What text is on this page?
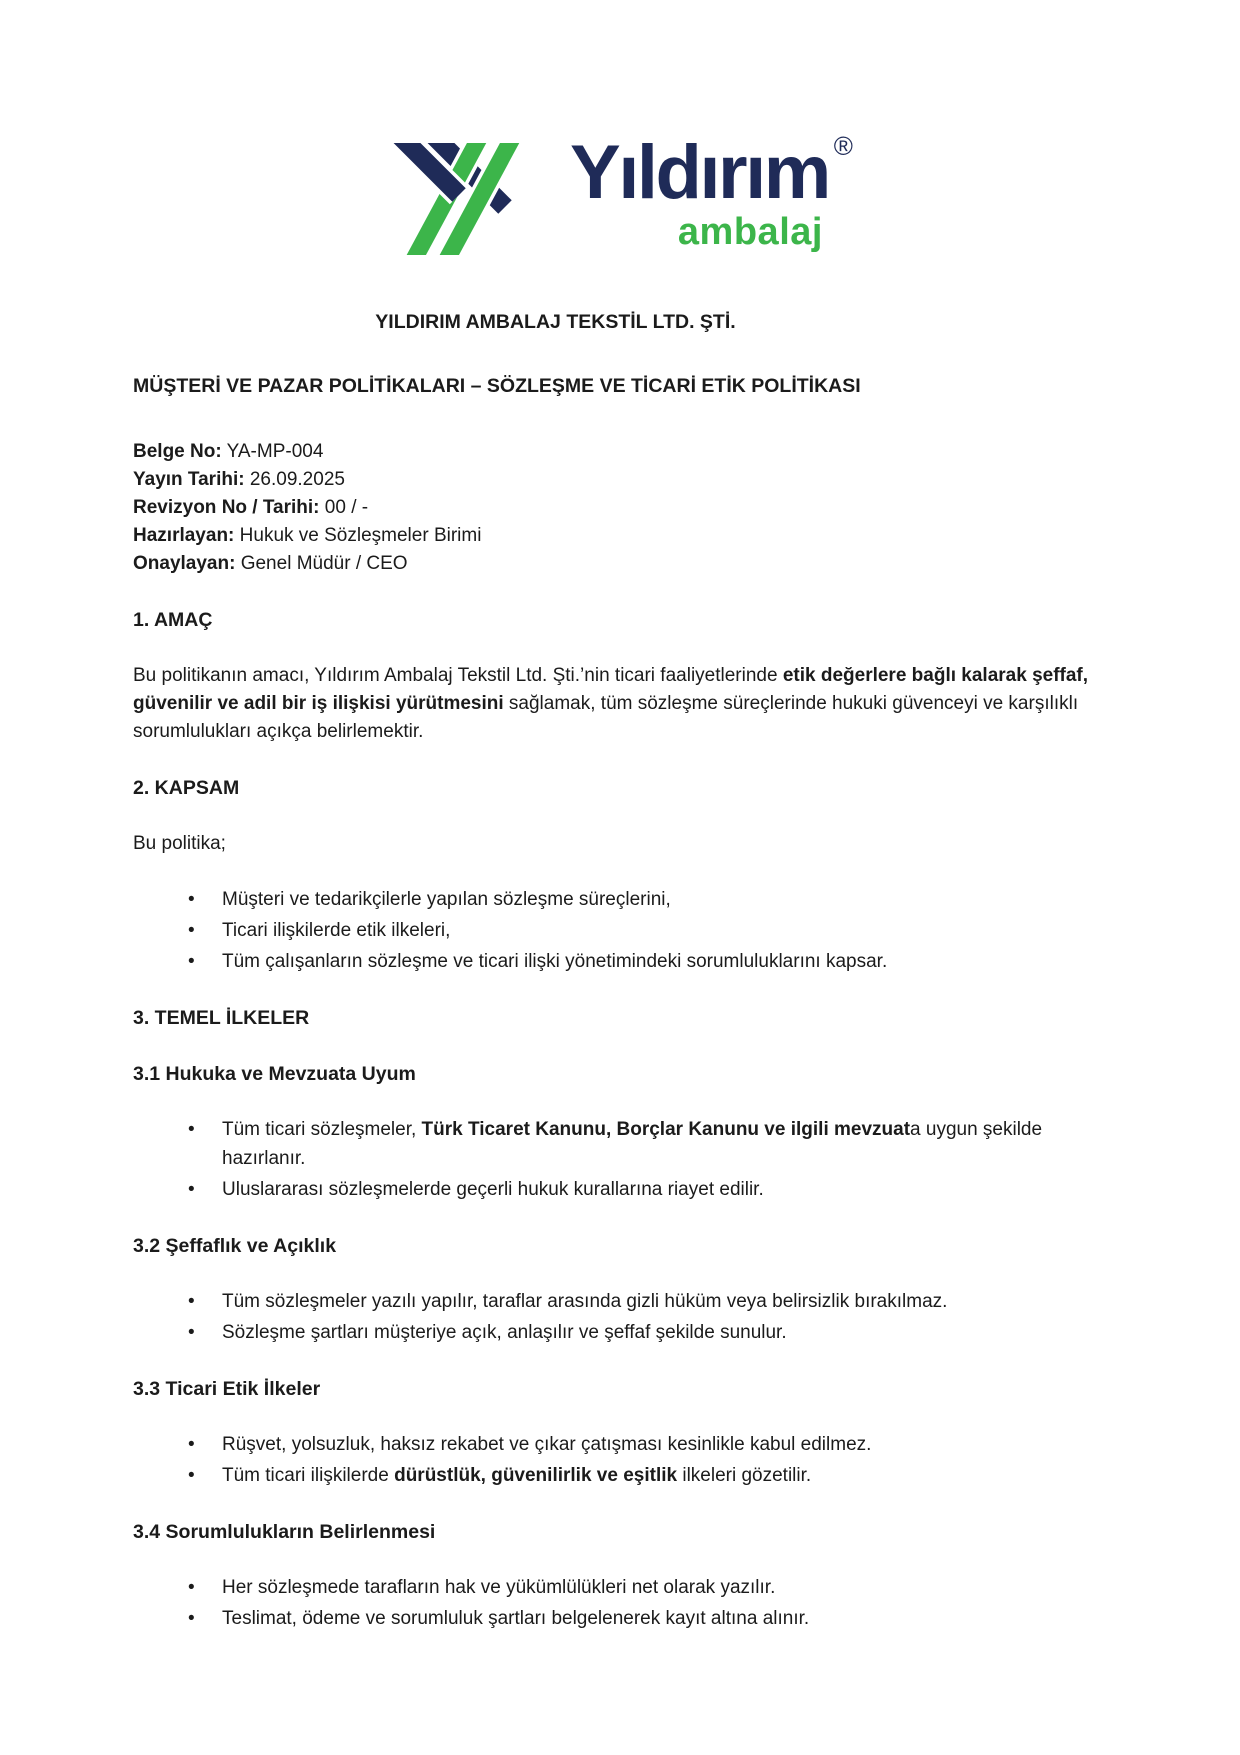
Yıldırım ®
ambalaj
YILDIRIM AMBALAJ TEKSTİL LTD. ŞTİ.
MÜŞTERİ VE PAZAR POLİTİKALARI – SÖZLEŞME VE TİCARİ ETİK POLİTİKASI
Belge No: YA-MP-004
Yayın Tarihi: 26.09.2025
Revizyon No / Tarihi: 00 / -
Hazırlayan: Hukuk ve Sözleşmeler Birimi
Onaylayan: Genel Müdür / CEO
1. AMAÇ

Bu politikanın amacı, Yıldırım Ambalaj Tekstil Ltd. Şti.’nin ticari faaliyetlerinde etik değerlere bağlı kalarak şeffaf, güvenilir ve adil bir iş ilişkisi yürütmesini sağlamak, tüm sözleşme süreçlerinde hukuki güvenceyi ve karşılıklı sorumlulukları açıkça belirlemektir.

2. KAPSAM

Bu politika;

• Müşteri ve tedarikçilerle yapılan sözleşme süreçlerini,
• Ticari ilişkilerde etik ilkeleri,
• Tüm çalışanların sözleşme ve ticari ilişki yönetimindeki sorumluluklarını kapsar.
3. TEMEL İLKELER
3.1 Hukuka ve Mevzuata Uyum
• Tüm ticari sözleşmeler, Türk Ticaret Kanunu, Borçlar Kanunu ve ilgili mevzuata uygun şekilde hazırlanır.
• Uluslararası sözleşmelerde geçerli hukuk kurallarına riayet edilir.
3.2 Şeffaflık ve Açıklık
• Tüm sözleşmeler yazılı yapılır, taraflar arasında gizli hüküm veya belirsizlik bırakılmaz.
• Sözleşme şartları müşteriye açık, anlaşılır ve şeffaf şekilde sunulur.
3.3 Ticari Etik İlkeler
• Rüşvet, yolsuzluk, haksız rekabet ve çıkar çatışması kesinlikle kabul edilmez.
• Tüm ticari ilişkilerde dürüstlük, güvenilirlik ve eşitlik ilkeleri gözetilir.
3.4 Sorumlulukların Belirlenmesi
• Her sözleşmede tarafların hak ve yükümlülükleri net olarak yazılır.
• Teslimat, ödeme ve sorumluluk şartları belgelenerek kayıt altına alınır.
